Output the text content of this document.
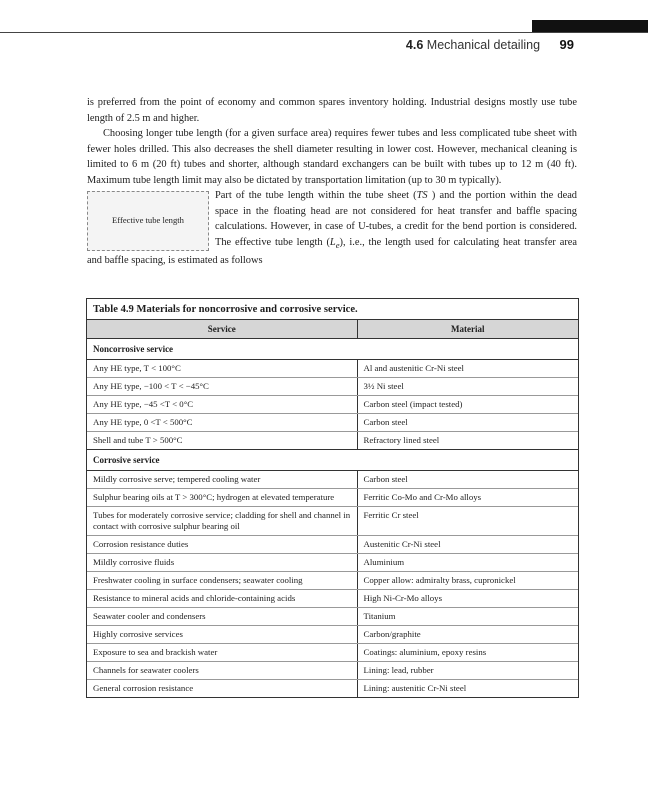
4.6 Mechanical detailing 99

is preferred from the point of economy and common spares inventory holding. Industrial designs mostly use tube length of 2.5 m and higher.

Choosing longer tube length (for a given surface area) requires fewer tubes and less complicated tube sheet with fewer holes drilled. This also decreases the shell diameter resulting in lower cost. However, mechanical cleaning is limited to 6 m (20 ft) tubes and shorter, although standard exchangers can be built with tubes up to 12 m (40 ft). Maximum tube length limit may also be dictated by transportation limitation (up to 30 m typically).

Part of the tube length within the tube sheet (TS

Effective tube length

) and the portion within the dead space in the floating head are not considered for heat transfer and baffle spacing calculations. However, in case of U-tubes, a credit for the bend portion is considered. The effective tube length $(L_e)$, i.e., the length used for calculating heat transfer area and baffle spacing, is estimated as follows

Table 4.9 Materials for noncorrosive and corrosive service.
Service	Material
Noncorrosive service	
Any HE type, T < 100°C	Al and austenitic Cr-Ni steel
Any HE type, −100 < T < −45°C	3½ Ni steel
Any HE type, −45 <T < 0°C	Carbon steel (impact tested)
Any HE type, 0 <T < 500°C	Carbon steel
Shell and tube T > 500°C	Refractory lined steel
Corrosive service	
Mildly corrosive serve; tempered cooling water	Carbon steel
Sulphur bearing oils at T > 300°C; hydrogen at elevated temperature	Ferritic Co-Mo and Cr-Mo alloys
Tubes for moderately corrosive service; cladding for shell and channel in contact with corrosive sulphur bearing oil	Ferritic Cr steel
Corrosion resistance duties	Austenitic Cr-Ni steel
Mildly corrosive fluids	Aluminium
Freshwater cooling in surface condensers; seawater cooling	Copper allow: admiralty brass, cupronickel
Resistance to mineral acids and chloride-containing acids	High Ni-Cr-Mo alloys
Seawater cooler and condensers	Titanium
Highly corrosive services	Carbon/graphite
Exposure to sea and brackish water	Coatings: aluminium, epoxy resins
Channels for seawater coolers	Lining: lead, rubber
General corrosion resistance	Lining: austenitic Cr-Ni steel
